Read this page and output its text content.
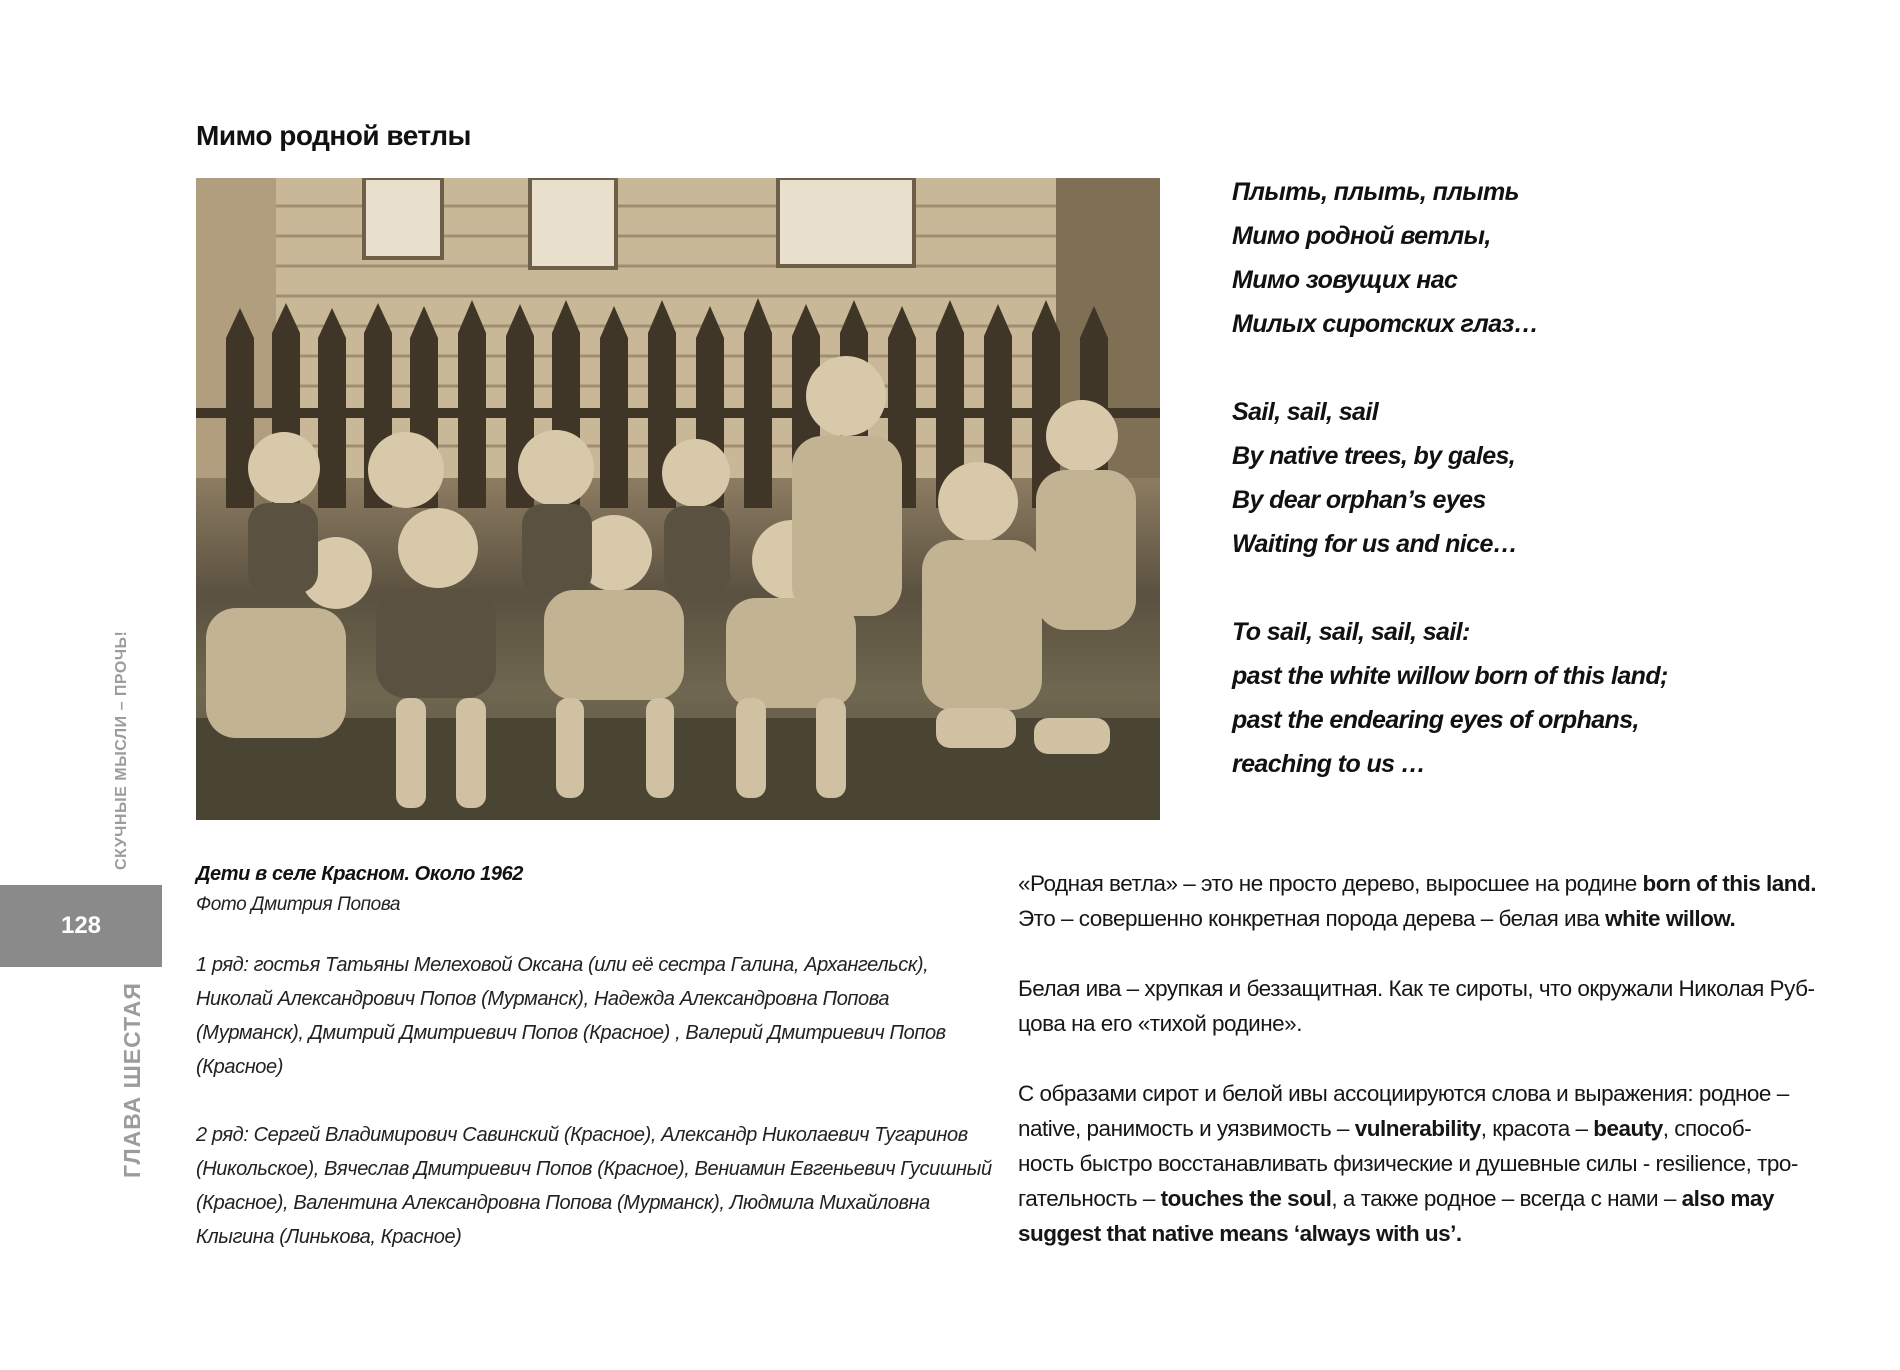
Мимо родной ветлы
Плыть, плыть, плыть
Мимо родной ветлы,
Мимо зовущих нас
Милых сиротских глаз…
Sail, sail, sail
By native trees, by gales,
By dear orphan’s eyes
Waiting for us and nice…
To sail, sail, sail, sail:
past the white willow born of this land;
past the endearing eyes of orphans,
reaching to us …
СКУЧНЫЕ МЫСЛИ – ПРОЧЬ!
128
ГЛАВА ШЕСТАЯ
Дети в селе Красном. Около 1962
Фото Дмитрия Попова
1 ряд: гостья Татьяны Мелеховой Оксана (или её сестра Галина, Архангельск),
Николай Александрович Попов (Мурманск), Надежда Александровна Попова
(Мурманск), Дмитрий Дмитриевич Попов (Красное) , Валерий Дмитриевич Попов
(Красное)
2 ряд: Сергей Владимирович Савинский (Красное), Александр Николаевич Тугаринов
(Никольское), Вячеслав Дмитриевич Попов (Красное), Вениамин Евгеньевич Гусишный
(Красное), Валентина Александровна Попова (Мурманск), Людмила Михайловна
Клыгина (Линькова, Красное)
«Родная ветла» – это не просто дерево, выросшее на родине born of this land.
Это – совершенно конкретная порода дерева – белая ива white willow.
Белая ива – хрупкая и беззащитная. Как те сироты, что окружали Николая Руб-
цова на его «тихой родине».
С образами сирот и белой ивы ассоциируются слова и выражения: родное –
native, ранимость и уязвимость – vulnerability, красота – beauty, способ-
ность быстро восстанавливать физические и душевные силы - resilience, тро-
гательность – touches the soul, а также родное – всегда с нами – also may
suggest that native means ‘always with us’.
